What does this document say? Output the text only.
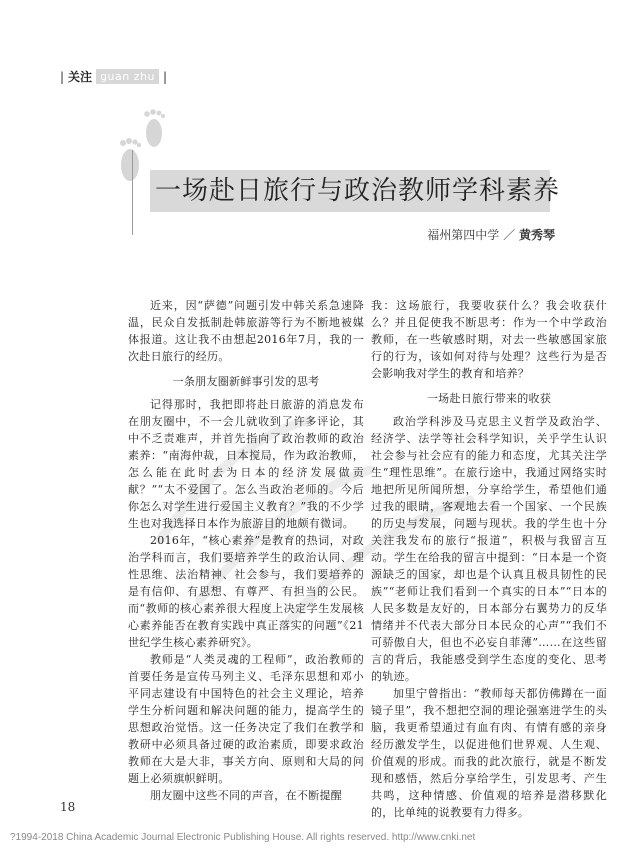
| 关注 guan zhu |
一场赴日旅行与政治教师学科素养
福州第四中学 ／ 黄秀琴

近来，因“萨德”问题引发中韩关系急速降温，民众自发抵制赴韩旅游等行为不断地被媒体报道。这让我不由想起2016年7月，我的一次赴日旅行的经历。

一条朋友圈新鲜事引发的思考

记得那时，我把即将赴日旅游的消息发布在朋友圈中，不一会儿就收到了许多评论，其中不乏责难声，并首先指向了政治教师的政治素养：“南海仲裁，日本搅局，作为政治教师，怎么能在此时去为日本的经济发展做贡献？”“太不爱国了。怎么当政治老师的。今后你怎么对学生进行爱国主义教育？”我的不少学生也对我选择日本作为旅游目的地颇有微词。

2016年，“核心素养”是教育的热词，对政治学科而言，我们要培养学生的政治认同、理性思维、法治精神、社会参与，我们要培养的是有信仰、有思想、有尊严、有担当的公民。而“教师的核心素养很大程度上决定学生发展核心素养能否在教育实践中真正落实的问题”《21世纪学生核心素养研究》。

教师是“人类灵魂的工程师”，政治教师的首要任务是宣传马列主义、毛泽东思想和邓小平同志建设有中国特色的社会主义理论，培养学生分析问题和解决问题的能力，提高学生的思想政治觉悟。这一任务决定了我们在教学和教研中必须具备过硬的政治素质，即要求政治教师在大是大非，事关方向、原则和大局的问题上必须旗帜鲜明。

朋友圈中这些不同的声音，在不断提醒

我：这场旅行，我要收获什么？我会收获什么？并且促使我不断思考：作为一个中学政治教师，在一些敏感时期，对去一些敏感国家旅行的行为，该如何对待与处理？这些行为是否会影响我对学生的教育和培养？

一场赴日旅行带来的收获

政治学科涉及马克思主义哲学及政治学、经济学、法学等社会科学知识，关乎学生认识社会参与社会应有的能力和态度，尤其关注学生“理性思维”。在旅行途中，我通过网络实时地把所见所闻所想，分享给学生，希望他们通过我的眼睛，客观地去看一个国家、一个民族的历史与发展，问题与现状。我的学生也十分关注我发布的旅行“报道”，积极与我留言互动。学生在给我的留言中提到：“日本是一个资源缺乏的国家，却也是个认真且极具韧性的民族”“老师让我们看到一个真实的日本”“日本的人民多数是友好的，日本部分右翼势力的反华情绪并不代表大部分日本民众的心声”“我们不可骄傲自大，但也不必妄自菲薄”……在这些留言的背后，我能感受到学生态度的变化、思考的轨迹。

加里宁曾指出：“教师每天都仿佛蹲在一面镜子里”，我不想把空洞的理论强塞进学生的头脑，我更希望通过有血有肉、有情有感的亲身经历激发学生，以促进他们世界观、人生观、价值观的形成。而我的此次旅行，就是不断发现和感悟，然后分享给学生，引发思考、产生共鸣，这种情感、价值观的培养是潜移默化的，比单纯的说教要有力得多。

18
?1994-2018 China Academic Journal Electronic Publishing House. All rights reserved. http://www.cnki.net
